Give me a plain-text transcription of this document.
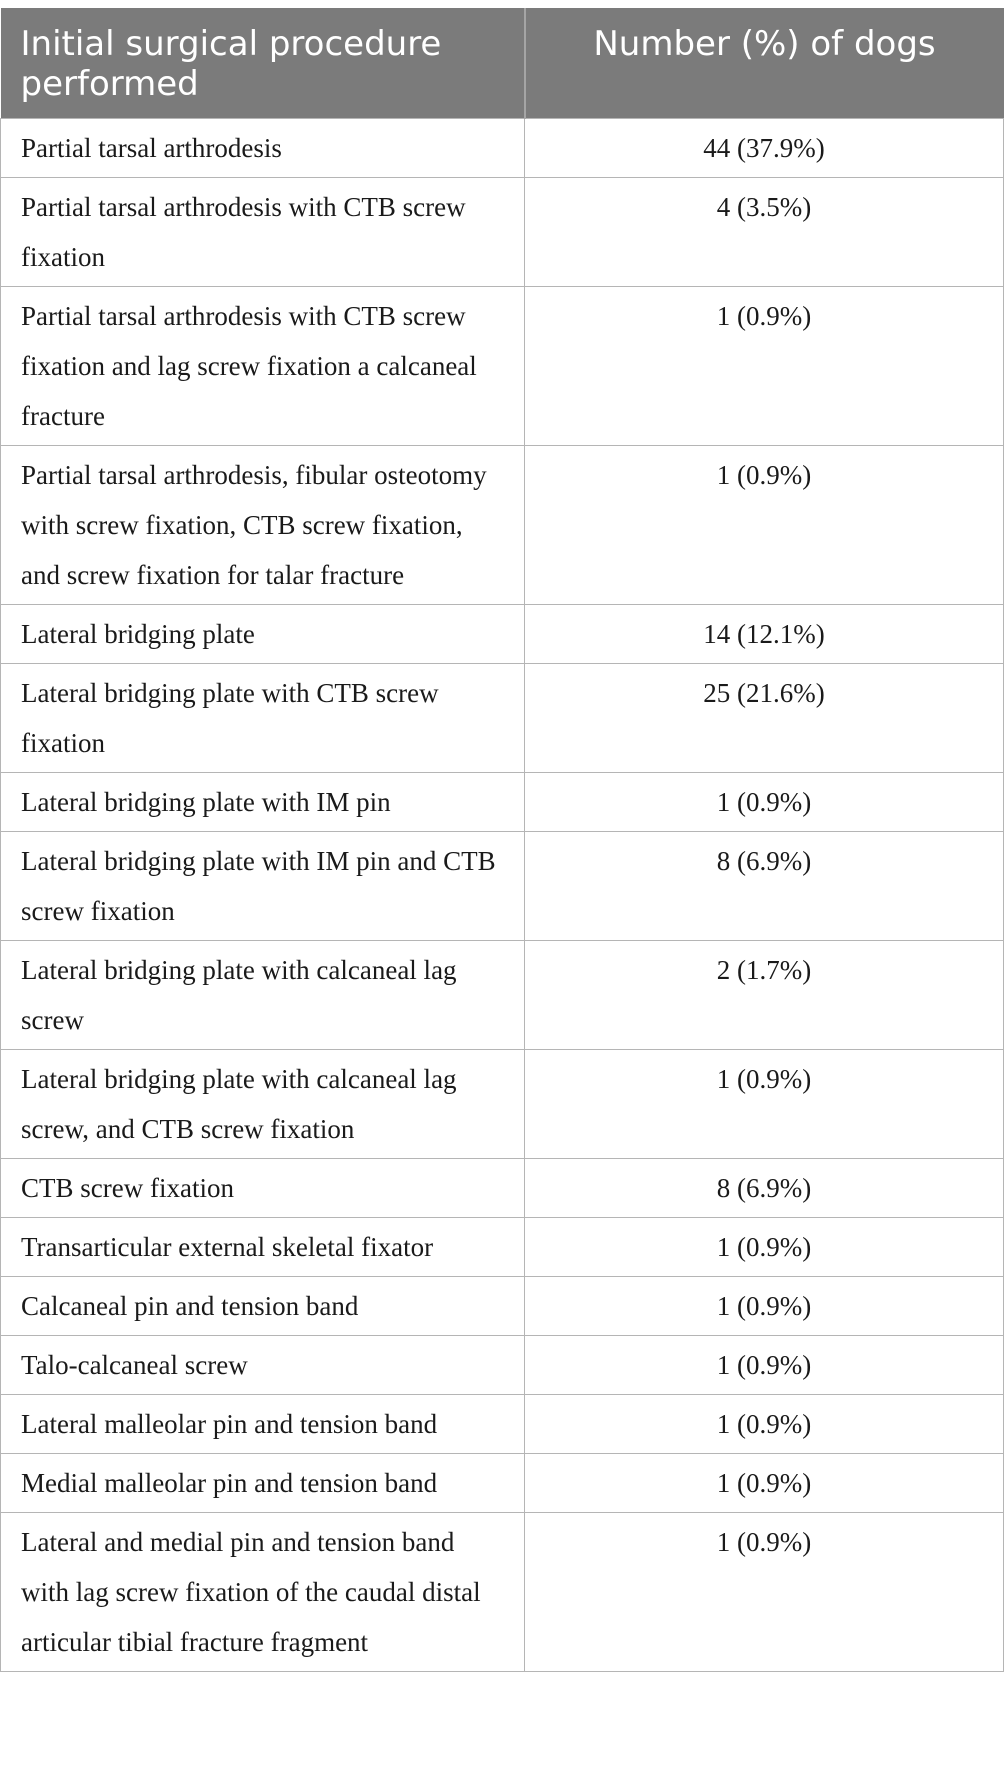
Initial surgical procedure performed	Number (%) of dogs
Partial tarsal arthrodesis	44 (37.9%)
Partial tarsal arthrodesis with CTB screw fixation	4 (3.5%)
Partial tarsal arthrodesis with CTB screw fixation and lag screw fixation a calcaneal fracture	1 (0.9%)
Partial tarsal arthrodesis, fibular osteotomy with screw fixation, CTB screw fixation, and screw fixation for talar fracture	1 (0.9%)
Lateral bridging plate	14 (12.1%)
Lateral bridging plate with CTB screw fixation	25 (21.6%)
Lateral bridging plate with IM pin	1 (0.9%)
Lateral bridging plate with IM pin and CTB screw fixation	8 (6.9%)
Lateral bridging plate with calcaneal lag screw	2 (1.7%)
Lateral bridging plate with calcaneal lag screw, and CTB screw fixation	1 (0.9%)
CTB screw fixation	8 (6.9%)
Transarticular external skeletal fixator	1 (0.9%)
Calcaneal pin and tension band	1 (0.9%)
Talo-calcaneal screw	1 (0.9%)
Lateral malleolar pin and tension band	1 (0.9%)
Medial malleolar pin and tension band	1 (0.9%)
Lateral and medial pin and tension band with lag screw fixation of the caudal distal articular tibial fracture fragment	1 (0.9%)
